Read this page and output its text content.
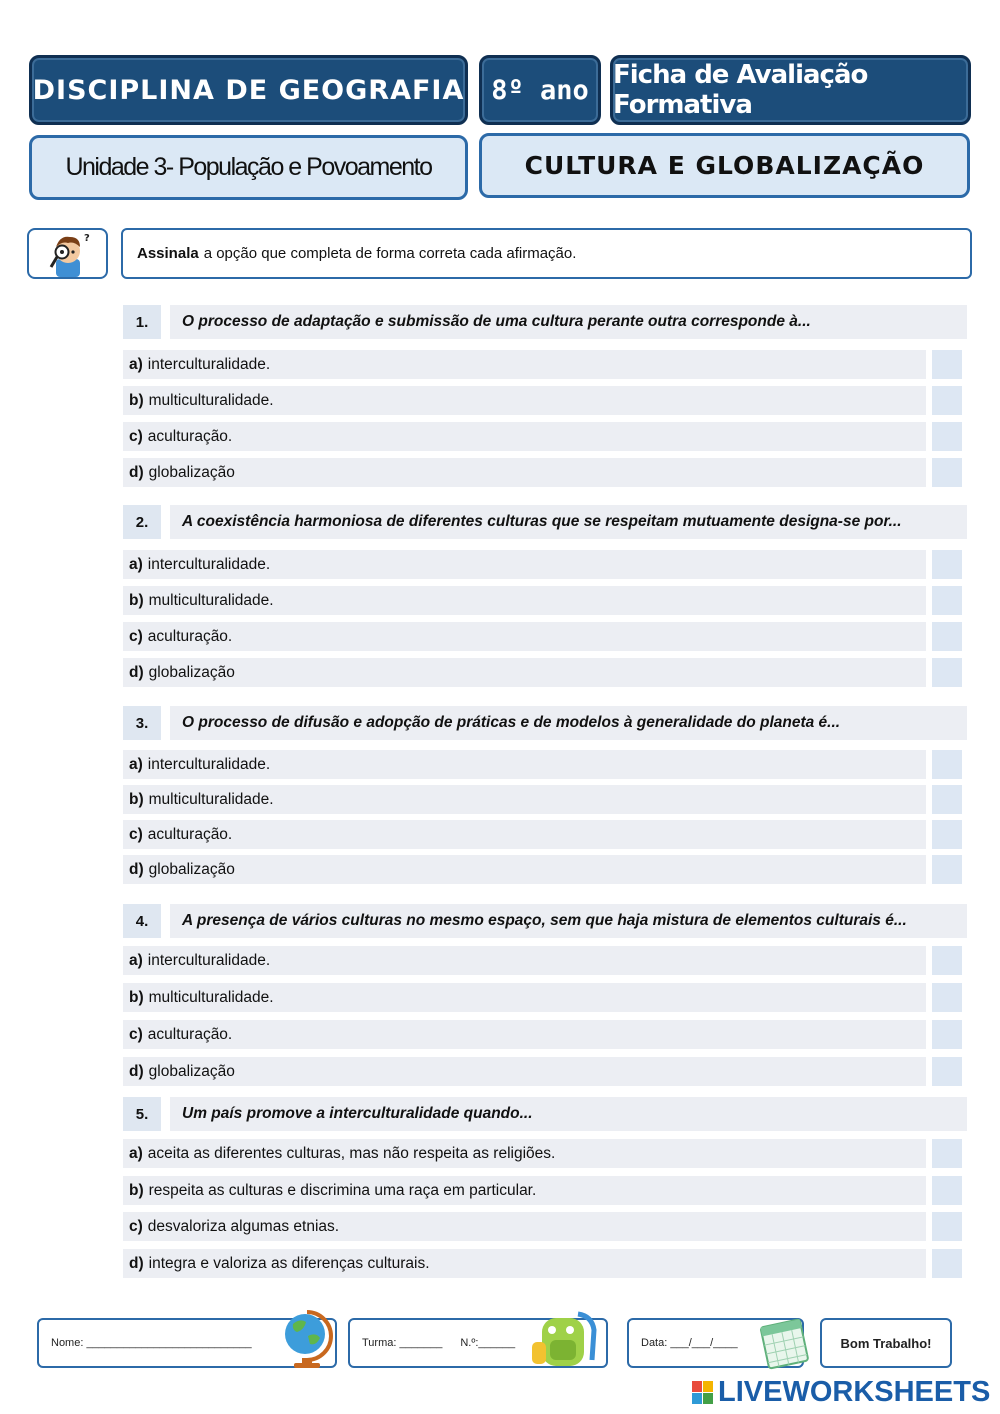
DISCIPLINA DE GEOGRAFIA 8º ano Ficha de Avaliação Formativa
Unidade 3- População e Povoamento	CULTURA E GLOBALIZAÇÃO
?
Assinala a opção que completa de forma correta cada afirmação.
1.	O processo de adaptação e submissão de uma cultura perante outra corresponde à...
a) interculturalidade.
b) multiculturalidade.
c) aculturação.
d) globalização
2.	A coexistência harmoniosa de diferentes culturas que se respeitam mutuamente designa-se por...
a) interculturalidade.
b) multiculturalidade.
c) aculturação.
d) globalização
3.	O processo de difusão e adopção de práticas e de modelos à generalidade do planeta é...
a) interculturalidade.
b) multiculturalidade.
c) aculturação.
d) globalização
4.	A presença de vários culturas no mesmo espaço, sem que haja mistura de elementos culturais é...
a) interculturalidade.
b) multiculturalidade.
c) aculturação.
d) globalização
5.	Um país promove a interculturalidade quando...
a) aceita as diferentes culturas, mas não respeita as religiões.
b) respeita as culturas e discrimina uma raça em particular.
c) desvaloriza algumas etnias.
d) integra e valoriza as diferenças culturais.
Nome: ___________________________	Turma: _______ N.º:______	Data: ___/___/____	Bom Trabalho!
LIVEWORKSHEETS
